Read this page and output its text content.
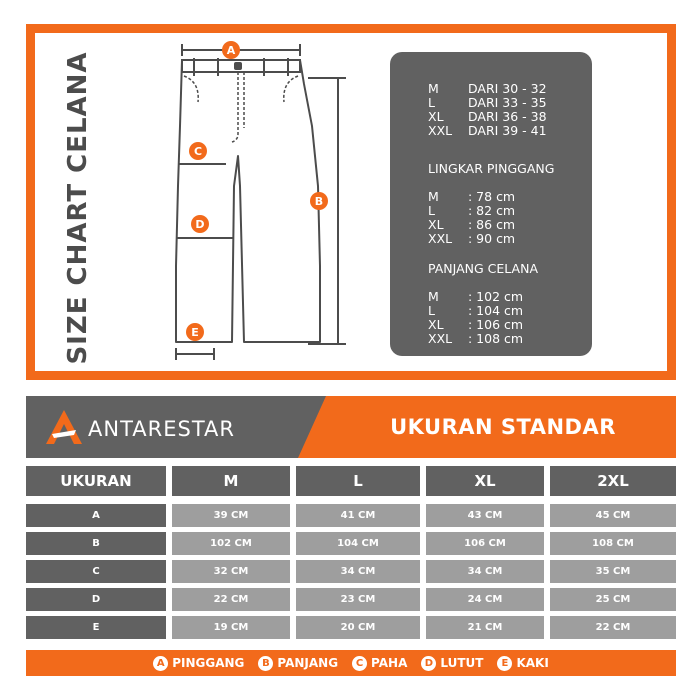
SIZE CHART CELANA
A
B
C
D
E
M	DARI 30 - 32
L	DARI 33 - 35
XL	DARI 36 - 38
XXL	DARI 39 - 41
LINGKAR PINGGANG
M	: 78 cm
L	: 82 cm
XL	: 86 cm
XXL	: 90 cm
PANJANG CELANA
M	: 102 cm
L	: 104 cm
XL	: 106 cm
XXL	: 108 cm
ANTARESTAR	UKURAN STANDAR
UKURAN	M	L	XL	2XL
A	39 CM	41 CM	43 CM	45 CM
B	102 CM	104 CM	106 CM	108 CM
C	32 CM	34 CM	34 CM	35 CM
D	22 CM	23 CM	24 CM	25 CM
E	19 CM	20 CM	21 CM	22 CM
A PINGGANG	B PANJANG	C PAHA	D LUTUT	E KAKI
